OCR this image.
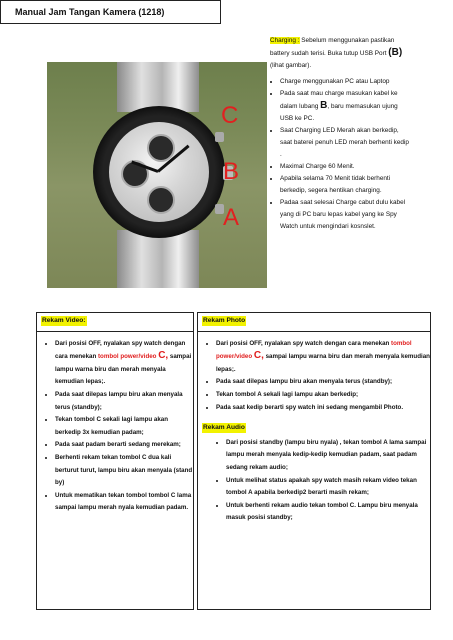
Manual Jam Tangan Kamera (1218)
C
B
A

Charging : Sebelum menggunakan pastikan battery sudah terisi. Buka tutup USB Port (B) (lihat gambar).

• Charge menggunakan PC atau Laptop
• Pada saat mau charge masukan kabel ke dalam lubang B, baru memasukan ujung USB ke PC.
• Saat Charging LED Merah akan berkedip, saat baterei penuh LED merah berhenti kedip .
• Maximal Charge 60 Menit.
• Apabila selama 70 Menit tidak berhenti berkedip, segera hentikan charging.
• Padaa saat selesai Charge cabut dulu kabel yang di PC baru lepas kabel yang ke Spy Watch untuk mengindari kosnslet.
Rekam Video:
• Dari posisi OFF, nyalakan spy watch dengan cara menekan tombol power/video C, sampai lampu warna biru dan merah menyala kemudian lepas;.
• Pada saat dilepas lampu biru akan menyala terus (standby);
• Tekan tombol C sekali lagi lampu akan berkedip 3x kemudian padam;
• Pada saat padam berarti sedang merekam;
• Berhenti rekam tekan tombol C dua kali berturut turut, lampu biru akan menyala (stand by)
• Untuk mematikan tekan tombol tombol C lama sampai lampu merah nyala kemudian padam.
Rekam Photo
• Dari posisi OFF, nyalakan spy watch dengan cara menekan tombol power/video C, sampai lampu warna biru dan merah menyala kemudian lepas;.
• Pada saat dilepas lampu biru akan menyala terus (standby);
• Tekan tombol A sekali lagi lampu akan berkedip;
• Pada saat kedip berarti spy watch ini sedang mengambil Photo.
Rekam Audio
• Dari posisi standby (lampu biru nyala) , tekan tombol A lama sampai lampu merah menyala kedip-kedip kemudian padam, saat padam sedang rekam audio;
• Untuk melihat status apakah spy watch masih rekam video tekan tombol A apabila berkedip2 berarti masih rekam;
• Untuk berhenti rekam audio tekan tombol C. Lampu biru menyala masuk posisi standby;
